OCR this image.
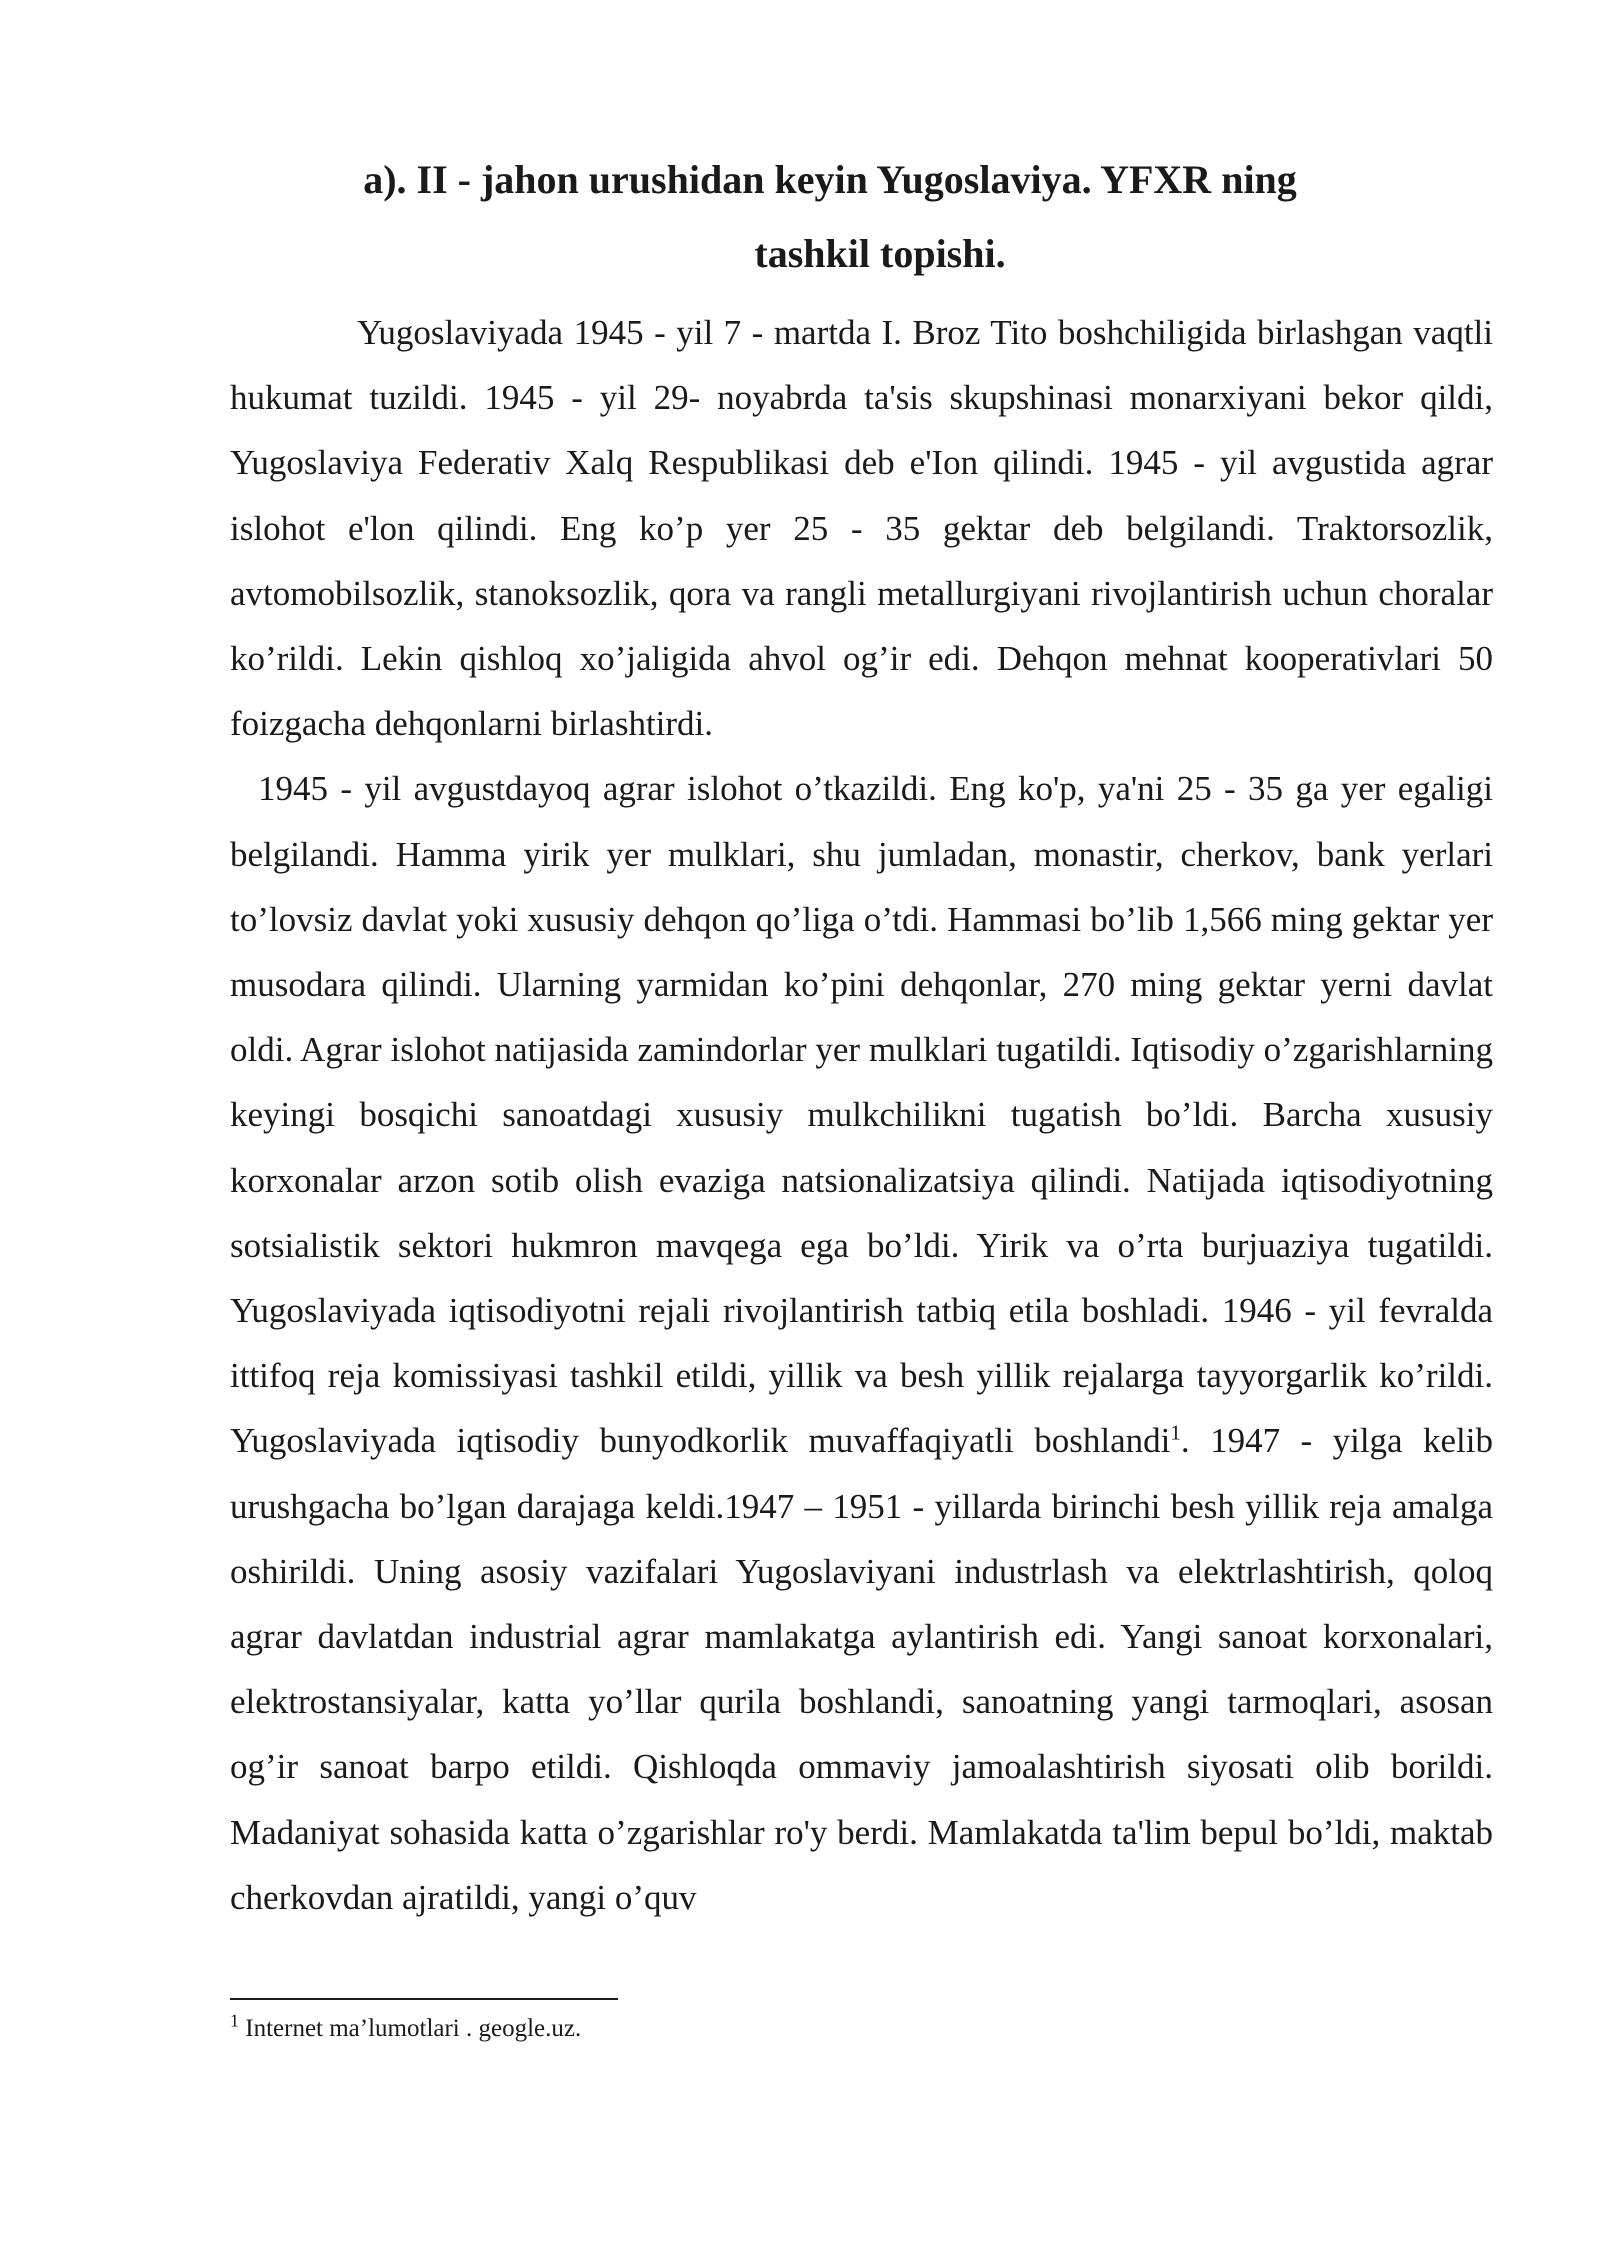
a). II - jahon urushidan keyin Yugoslaviya. YFXR ning
tashkil topishi.

Yugoslaviyada 1945 - yil 7 - martda I. Broz Tito boshchiligida birlashgan vaqtli hukumat tuzildi. 1945 - yil 29- noyabrda ta'sis skupshinasi monarxiyani bekor qildi, Yugoslaviya Federativ Xalq Respublikasi deb e'Ion qilindi. 1945 - yil avgustida agrar islohot e'lon qilindi. Eng ko’p yer 25 - 35 gektar deb belgilandi. Traktorsozlik, avtomobilsozlik, stanoksozlik, qora va rangli metallurgiyani rivojlantirish uchun choralar ko’rildi. Lekin qishloq xo’jaligida ahvol og’ir edi. Dehqon mehnat kooperativlari 50 foizgacha dehqonlarni birlashtirdi.

1945 - yil avgustdayoq agrar islohot o’tkazildi. Eng ko'p, ya'ni 25 - 35 ga yer egaligi belgilandi. Hamma yirik yer mulklari, shu jumladan, monastir, cherkov, bank yerlari to’lovsiz davlat yoki xususiy dehqon qo’liga o’tdi. Hammasi bo’lib 1,566 ming gektar yer musodara qilindi. Ularning yarmidan ko’pini dehqonlar, 270 ming gektar yerni davlat oldi. Agrar islohot natijasida zamindorlar yer mulklari tugatildi. Iqtisodiy o’zgarishlarning keyingi bosqichi sanoatdagi xususiy mulkchilikni tugatish bo’ldi. Barcha xususiy korxonalar arzon sotib olish evaziga natsionalizatsiya qilindi. Natijada iqtisodiyotning sotsialistik sektori hukmron mavqega ega bo’ldi. Yirik va o’rta burjuaziya tugatildi. Yugoslaviyada iqtisodiyotni rejali rivojlantirish tatbiq etila boshladi. 1946 - yil fevralda ittifoq reja komissiyasi tashkil etildi, yillik va besh yillik rejalarga tayyorgarlik ko’rildi. Yugoslaviyada iqtisodiy bunyodkorlik muvaffaqiyatli boshlandi$^1$. 1947 - yilga kelib urushgacha bo’lgan darajaga keldi.1947 – 1951 - yillarda birinchi besh yillik reja amalga oshirildi. Uning asosiy vazifalari Yugoslaviyani industrlash va elektrlashtirish, qoloq agrar davlatdan industrial agrar mamlakatga aylantirish edi. Yangi sanoat korxonalari, elektrostansiyalar, katta yo’llar qurila boshlandi, sanoatning yangi tarmoqlari, asosan og’ir sanoat barpo etildi. Qishloqda ommaviy jamoalashtirish siyosati olib borildi. Madaniyat sohasida katta o’zgarishlar ro'y berdi. Mamlakatda ta'lim bepul bo’ldi, maktab cherkovdan ajratildi, yangi o’quv

$^1$ Internet ma’lumotlari . geogle.uz.
